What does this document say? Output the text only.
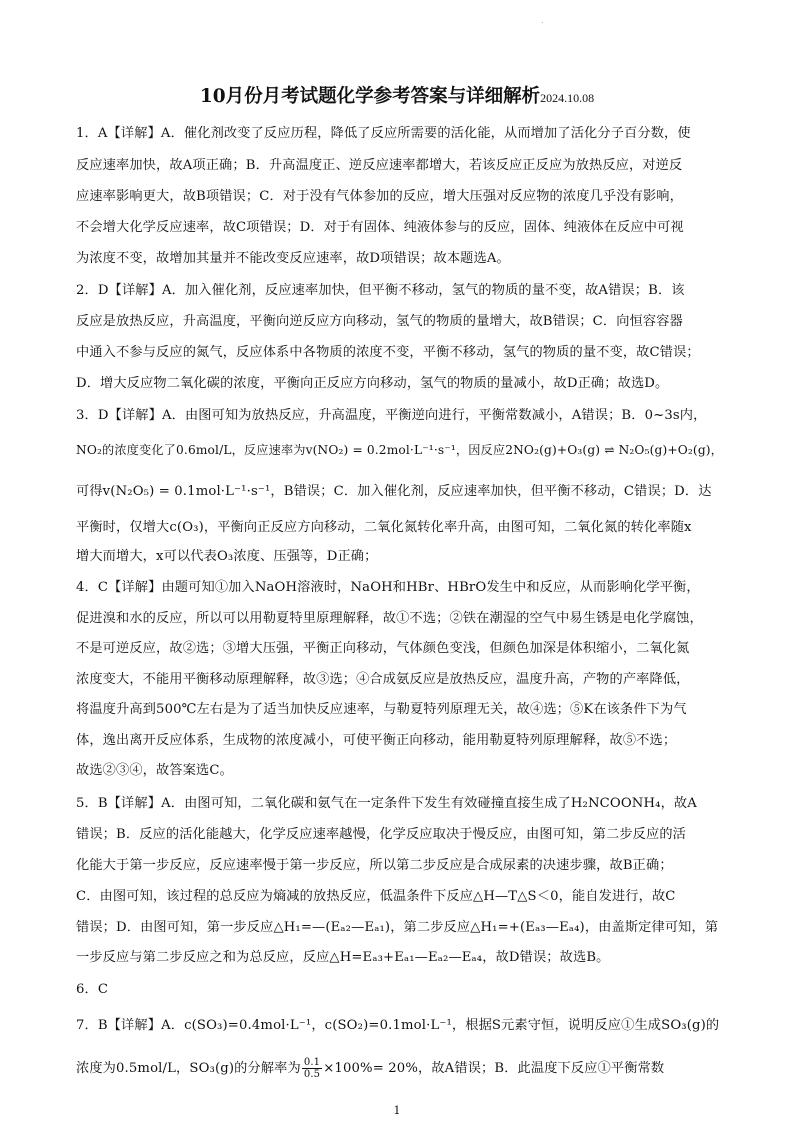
.
10月份月考试题化学参考答案与详细解析2024.10.08
1．A【详解】A．催化剂改变了反应历程，降低了反应所需要的活化能，从而增加了活化分子百分数，使
反应速率加快，故A项正确；B．升高温度正、逆反应速率都增大，若该反应正反应为放热反应，对逆反
应速率影响更大，故B项错误；C．对于没有气体参加的反应，增大压强对反应物的浓度几乎没有影响，
不会增大化学反应速率，故C项错误；D．对于有固体、纯液体参与的反应，固体、纯液体在反应中可视
为浓度不变，故增加其量并不能改变反应速率，故D项错误；故本题选A。
2．D【详解】A．加入催化剂，反应速率加快，但平衡不移动，氢气的物质的量不变，故A错误；B．该
反应是放热反应，升高温度，平衡向逆反应方向移动，氢气的物质的量增大，故B错误；C．向恒容容器
中通入不参与反应的氮气，反应体系中各物质的浓度不变，平衡不移动，氢气的物质的量不变，故C错误；
D．增大反应物二氧化碳的浓度，平衡向正反应方向移动，氢气的物质的量减小，故D正确；故选D。
3．D【详解】A．由图可知为放热反应，升高温度，平衡逆向进行，平衡常数减小，A错误；B．0~3s内，
NO₂的浓度变化了0.6mol/L，反应速率为v(NO₂) = 0.2mol·L⁻¹·s⁻¹，因反应2NO₂(g)+O₃(g) ⇌ N₂O₅(g)+O₂(g)，
可得v(N₂O₅) = 0.1mol·L⁻¹·s⁻¹，B错误；C．加入催化剂，反应速率加快，但平衡不移动，C错误；D．达
平衡时，仅增大c(O₃)，平衡向正反应方向移动，二氧化氮转化率升高，由图可知，二氧化氮的转化率随x
增大而增大，x可以代表O₃浓度、压强等，D正确；
4．C【详解】由题可知①加入NaOH溶液时，NaOH和HBr、HBrO发生中和反应，从而影响化学平衡，
促进溴和水的反应，所以可以用勒夏特里原理解释，故①不选；②铁在潮湿的空气中易生锈是电化学腐蚀，
不是可逆反应，故②选；③增大压强，平衡正向移动，气体颜色变浅，但颜色加深是体积缩小，二氧化氮
浓度变大，不能用平衡移动原理解释，故③选；④合成氨反应是放热反应，温度升高，产物的产率降低，
将温度升高到500℃左右是为了适当加快反应速率，与勒夏特列原理无关，故④选；⑤K在该条件下为气
体，逸出离开反应体系，生成物的浓度减小，可使平衡正向移动，能用勒夏特列原理解释，故⑤不选；
故选②③④，故答案选C。
5．B【详解】A．由图可知，二氧化碳和氨气在一定条件下发生有效碰撞直接生成了H₂NCOONH₄，故A
错误；B．反应的活化能越大，化学反应速率越慢，化学反应取决于慢反应，由图可知，第二步反应的活
化能大于第一步反应，反应速率慢于第一步反应，所以第二步反应是合成尿素的决速步骤，故B正确；
C．由图可知，该过程的总反应为熵减的放热反应，低温条件下反应△H—T△S＜0，能自发进行，故C
错误；D．由图可知，第一步反应△H₁=—(Eₐ₂—Eₐ₁)，第二步反应△H₁=+(Eₐ₃—Eₐ₄)，由盖斯定律可知，第
一步反应与第二步反应之和为总反应，反应△H=Eₐ₃+Eₐ₁—Eₐ₂—Eₐ₄，故D错误；故选B。
6．C
7．B【详解】A．c(SO₃)=0.4mol·L⁻¹，c(SO₂)=0.1mol·L⁻¹，根据S元素守恒，说明反应①生成SO₃(g)的
浓度为0.5mol/L，SO₃(g)的分解率为 $\frac{0.1}{0.5} \times 100\%= 20\%$，故A错误；B．此温度下反应①平衡常数
1
